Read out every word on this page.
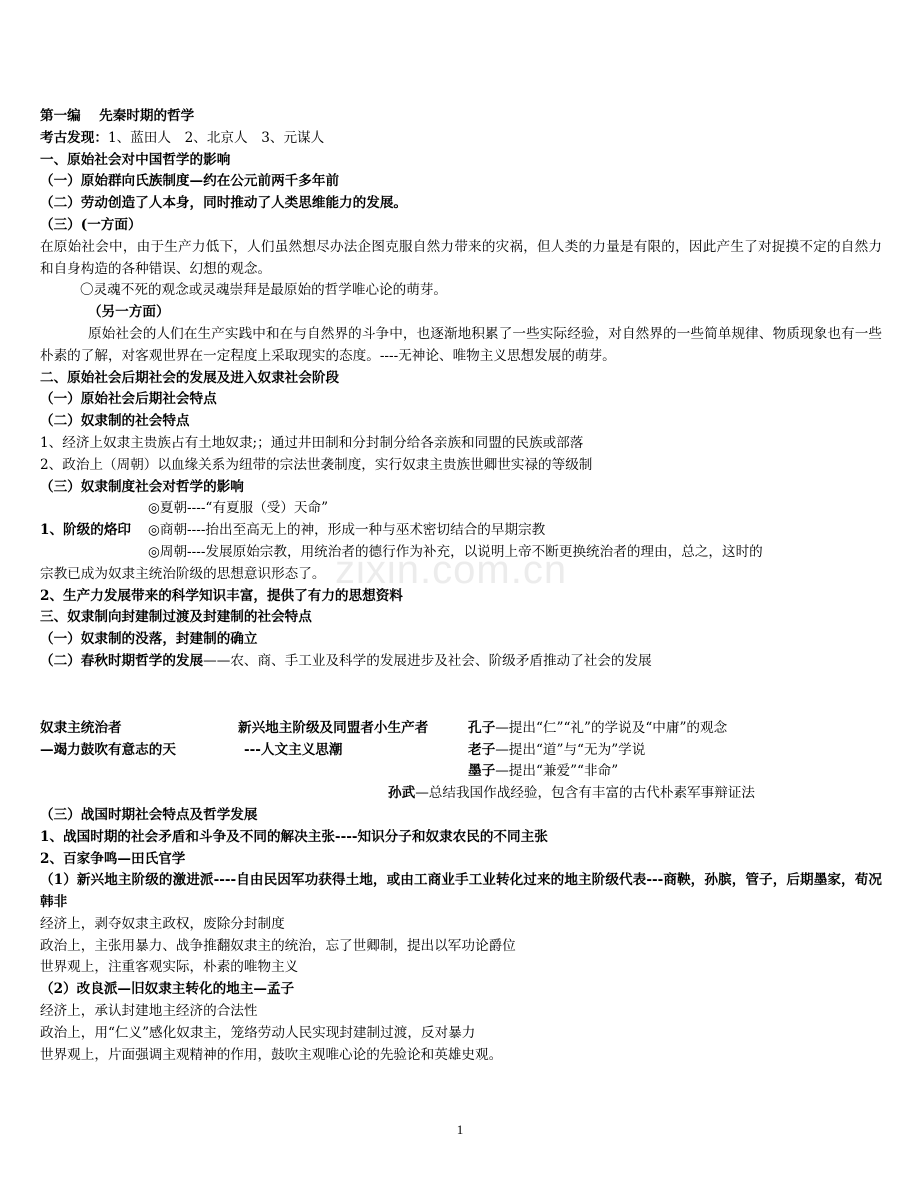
zixin.com.cn
第一编　 先秦时期的哲学
考古发现：1、蓝田人　2、北京人　3、元谋人
一、原始社会对中国哲学的影响
（一）原始群向氏族制度—约在公元前两千多年前
（二）劳动创造了人本身，同时推动了人类思维能力的发展。
（三）(一方面）
在原始社会中，由于生产力低下，人们虽然想尽办法企图克服自然力带来的灾祸，但人类的力量是有限的，因此产生了对捉摸不定的自然力和自身构造的各种错误、幻想的观念。
〇灵魂不死的观念或灵魂崇拜是最原始的哲学唯心论的萌芽。
（另一方面）
原始社会的人们在生产实践中和在与自然界的斗争中，也逐渐地积累了一些实际经验，对自然界的一些简单规律、物质现象也有一些朴素的了解，对客观世界在一定程度上采取现实的态度。----无神论、唯物主义思想发展的萌芽。
二、原始社会后期社会的发展及进入奴隶社会阶段
（一）原始社会后期社会特点
（二）奴隶制的社会特点
1、经济上奴隶主贵族占有土地奴隶;；通过井田制和分封制分给各亲族和同盟的民族或部落
2、政治上（周朝）以血缘关系为纽带的宗法世袭制度，实行奴隶主贵族世卿世实禄的等级制
（三）奴隶制度社会对哲学的影响
◎夏朝----“有夏服（受）天命”
1、阶级的烙印 ◎商朝----抬出至高无上的神，形成一种与巫术密切结合的早期宗教
◎周朝----发展原始宗教，用统治者的德行作为补充，以说明上帝不断更换统治者的理由，总之，这时的
宗教已成为奴隶主统治阶级的思想意识形态了。
2、生产力发展带来的科学知识丰富，提供了有力的思想资料
三、奴隶制向封建制过渡及封建制的社会特点
（一）奴隶制的没落，封建制的确立
（二）春秋时期哲学的发展——农、商、手工业及科学的发展进步及社会、阶级矛盾推动了社会的发展
奴隶主统治者	新兴地主阶级及同盟者小生产者	孔子—提出“仁”“礼”的学说及“中庸”的观念
—竭力鼓吹有意志的天	---人文主义思潮	老子—提出“道”与“无为”学说
墨子—提出“兼爱”“非命”
孙武—总结我国作战经验，包含有丰富的古代朴素军事辩证法
（三）战国时期社会特点及哲学发展
1、战国时期的社会矛盾和斗争及不同的解决主张----知识分子和奴隶农民的不同主张
2、百家争鸣—田氏官学
（1）新兴地主阶级的激进派----自由民因军功获得土地，或由工商业手工业转化过来的地主阶级代表---商鞅，孙膑，管子，后期墨家，荀况韩非
经济上，剥夺奴隶主政权，废除分封制度
政治上，主张用暴力、战争推翻奴隶主的统治，忘了世卿制，提出以军功论爵位
世界观上，注重客观实际，朴素的唯物主义
（2）改良派—旧奴隶主转化的地主—孟子
经济上，承认封建地主经济的合法性
政治上，用“仁义”感化奴隶主，笼络劳动人民实现封建制过渡，反对暴力
世界观上，片面强调主观精神的作用，鼓吹主观唯心论的先验论和英雄史观。
1
